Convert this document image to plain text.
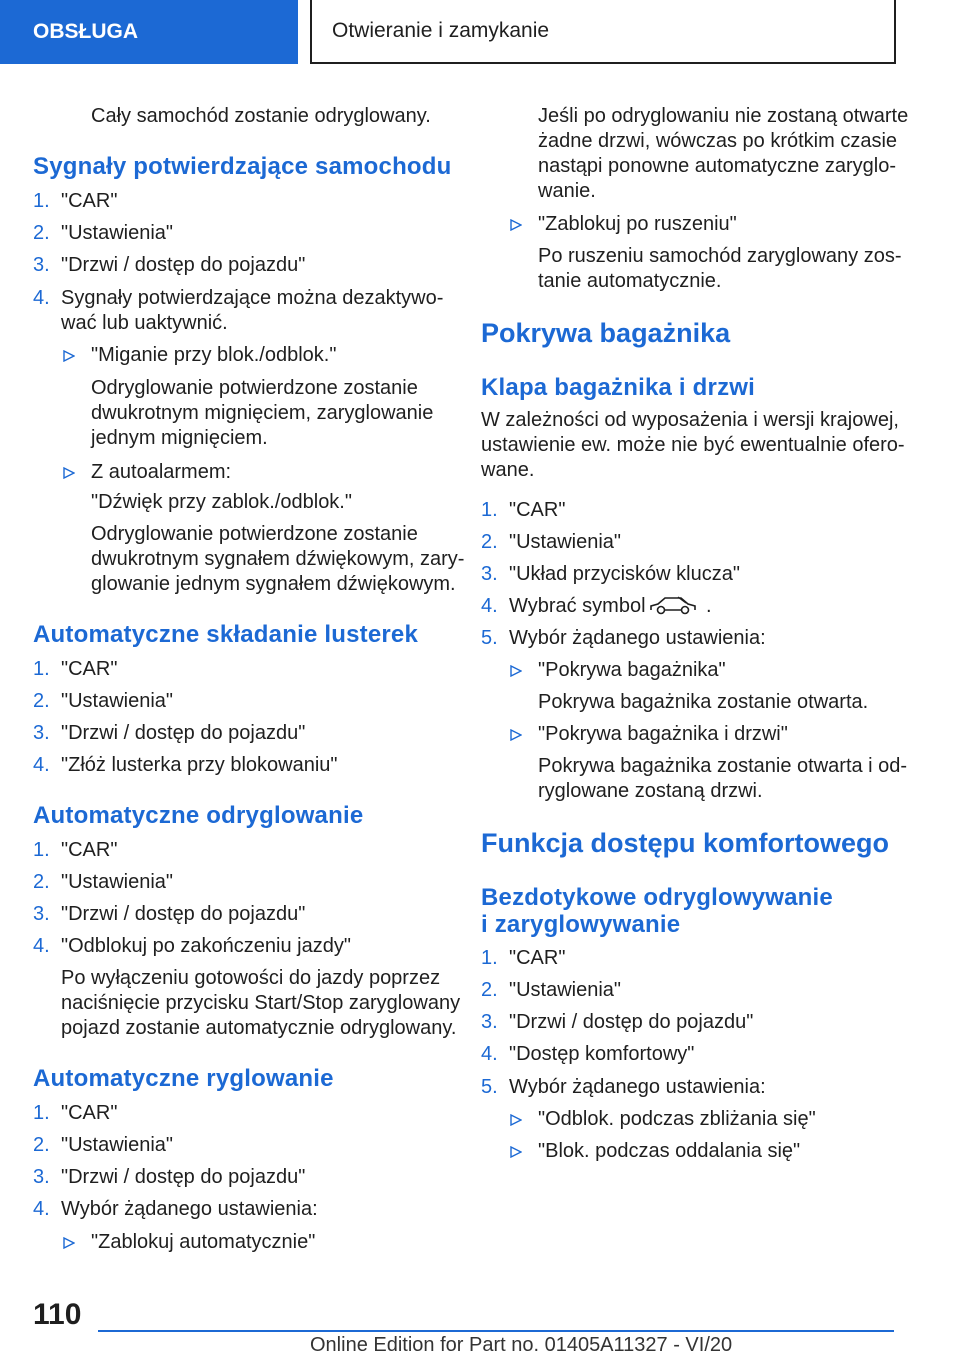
OBSŁUGA	Otwieranie i zamykanie
Cały samochód zostanie odryglowany.
Sygnały potwierdzające samochodu
1. "CAR"
2. "Ustawienia"
3. "Drzwi / dostęp do pojazdu"
4. Sygnały potwierdzające można dezaktywo-
wać lub uaktywnić.
"Miganie przy blok./odblok."
Odryglowanie potwierdzone zostanie
dwukrotnym mignięciem, zaryglowanie
jednym mignięciem.
Z autoalarmem:
"Dźwięk przy zablok./odblok."
Odryglowanie potwierdzone zostanie
dwukrotnym sygnałem dźwiękowym, zary-
glowanie jednym sygnałem dźwiękowym.
Automatyczne składanie lusterek
1. "CAR"
2. "Ustawienia"
3. "Drzwi / dostęp do pojazdu"
4. "Złóż lusterka przy blokowaniu"
Automatyczne odryglowanie
1. "CAR"
2. "Ustawienia"
3. "Drzwi / dostęp do pojazdu"
4. "Odblokuj po zakończeniu jazdy"
Po wyłączeniu gotowości do jazdy poprzez
naciśnięcie przycisku Start/Stop zaryglowany
pojazd zostanie automatycznie odryglowany.
Automatyczne ryglowanie
1. "CAR"
2. "Ustawienia"
3. "Drzwi / dostęp do pojazdu"
4. Wybór żądanego ustawienia:
"Zablokuj automatycznie"
Jeśli po odryglowaniu nie zostaną otwarte
żadne drzwi, wówczas po krótkim czasie
nastąpi ponowne automatyczne zaryglo-
wanie.
"Zablokuj po ruszeniu"
Po ruszeniu samochód zaryglowany zos-
tanie automatycznie.
Pokrywa bagażnika
Klapa bagażnika i drzwi
W zależności od wyposażenia i wersji krajowej,
ustawienie ew. może nie być ewentualnie ofero-
wane.
1. "CAR"
2. "Ustawienia"
3. "Układ przycisków klucza"
4. Wybrać symbol	.
5. Wybór żądanego ustawienia:
"Pokrywa bagażnika"
Pokrywa bagażnika zostanie otwarta.
"Pokrywa bagażnika i drzwi"
Pokrywa bagażnika zostanie otwarta i od-
ryglowane zostaną drzwi.
Funkcja dostępu komfortowego
Bezdotykowe odryglowywanie
i zaryglowywanie
1. "CAR"
2. "Ustawienia"
3. "Drzwi / dostęp do pojazdu"
4. "Dostęp komfortowy"
5. Wybór żądanego ustawienia:
"Odblok. podczas zbliżania się"
"Blok. podczas oddalania się"
110
Online Edition for Part no. 01405A11327 - VI/20
